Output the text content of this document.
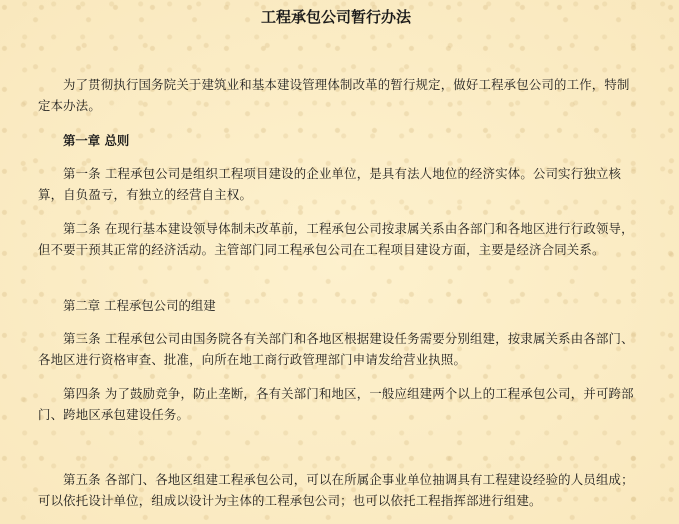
工程承包公司暂行办法

为了贯彻执行国务院关于建筑业和基本建设管理体制改革的暂行规定，做好工程承包公司的工作，特制定本办法。

第一章 总则

第一条 工程承包公司是组织工程项目建设的企业单位，是具有法人地位的经济实体。公司实行独立核算，自负盈亏，有独立的经营自主权。

第二条 在现行基本建设领导体制未改革前，工程承包公司按隶属关系由各部门和各地区进行行政领导，但不要干预其正常的经济活动。主管部门同工程承包公司在工程项目建设方面，主要是经济合同关系。

第二章 工程承包公司的组建

第三条 工程承包公司由国务院各有关部门和各地区根据建设任务需要分别组建，按隶属关系由各部门、各地区进行资格审查、批准，向所在地工商行政管理部门申请发给营业执照。

第四条 为了鼓励竞争，防止垄断，各有关部门和地区，一般应组建两个以上的工程承包公司，并可跨部门、跨地区承包建设任务。

第五条 各部门、各地区组建工程承包公司，可以在所属企事业单位抽调具有工程建设经验的人员组成；可以依托设计单位，组成以设计为主体的工程承包公司；也可以依托工程指挥部进行组建。
